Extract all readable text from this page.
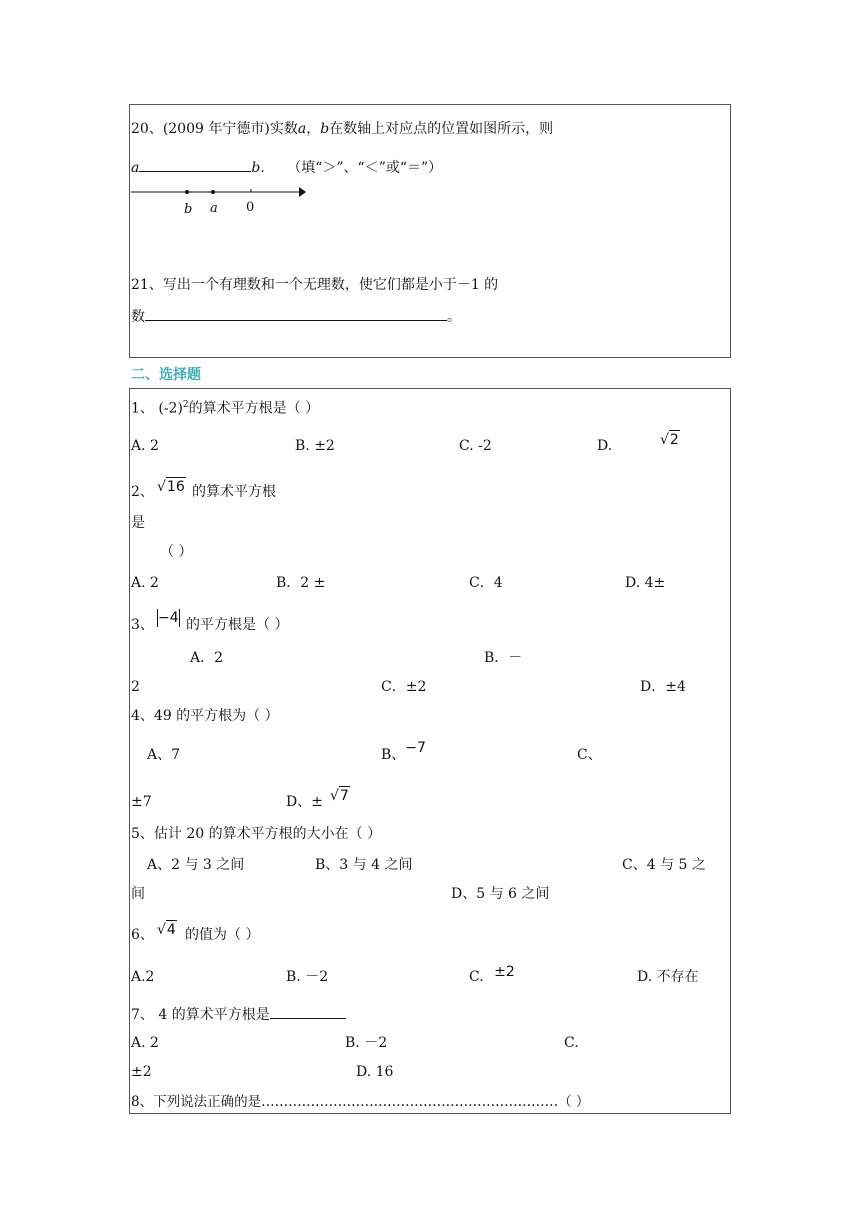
20、(2009 年宁德市)实数a，b在数轴上对应点的位置如图所示，则
a	b. （填“＞”、“＜”或“＝”）
b a 0
21、写出一个有理数和一个无理数，使它们都是小于－1 的
数	。
二、选择题
1、 $(-2)^2$的算术平方根是（ ）
A. 2	B. ±2	C. -2	D.	√2
2、 √16 的算术平方根
是
（ ）
A. 2	B．2 ±	C．4	D. 4±
3、 −4 的平方根是（ ）
A．2	B．－
2	C．±2	D．±4
4、49 的平方根为（ ）
A、7	B、−7	C、
±7	D、± √7
5、估计 20 的算术平方根的大小在（ ）
A、2 与 3 之间	B、3 与 4 之间	C、4 与 5 之
间	D、5 与 6 之间
6、 √4 的值为（ ）
A.2	B. －2	C. ±2	D. 不存在
7、 4 的算术平方根是
A. 2	B. －2	C.
±2	D. 16
8、下列说法正确的是…………………………………………………………（ ）
